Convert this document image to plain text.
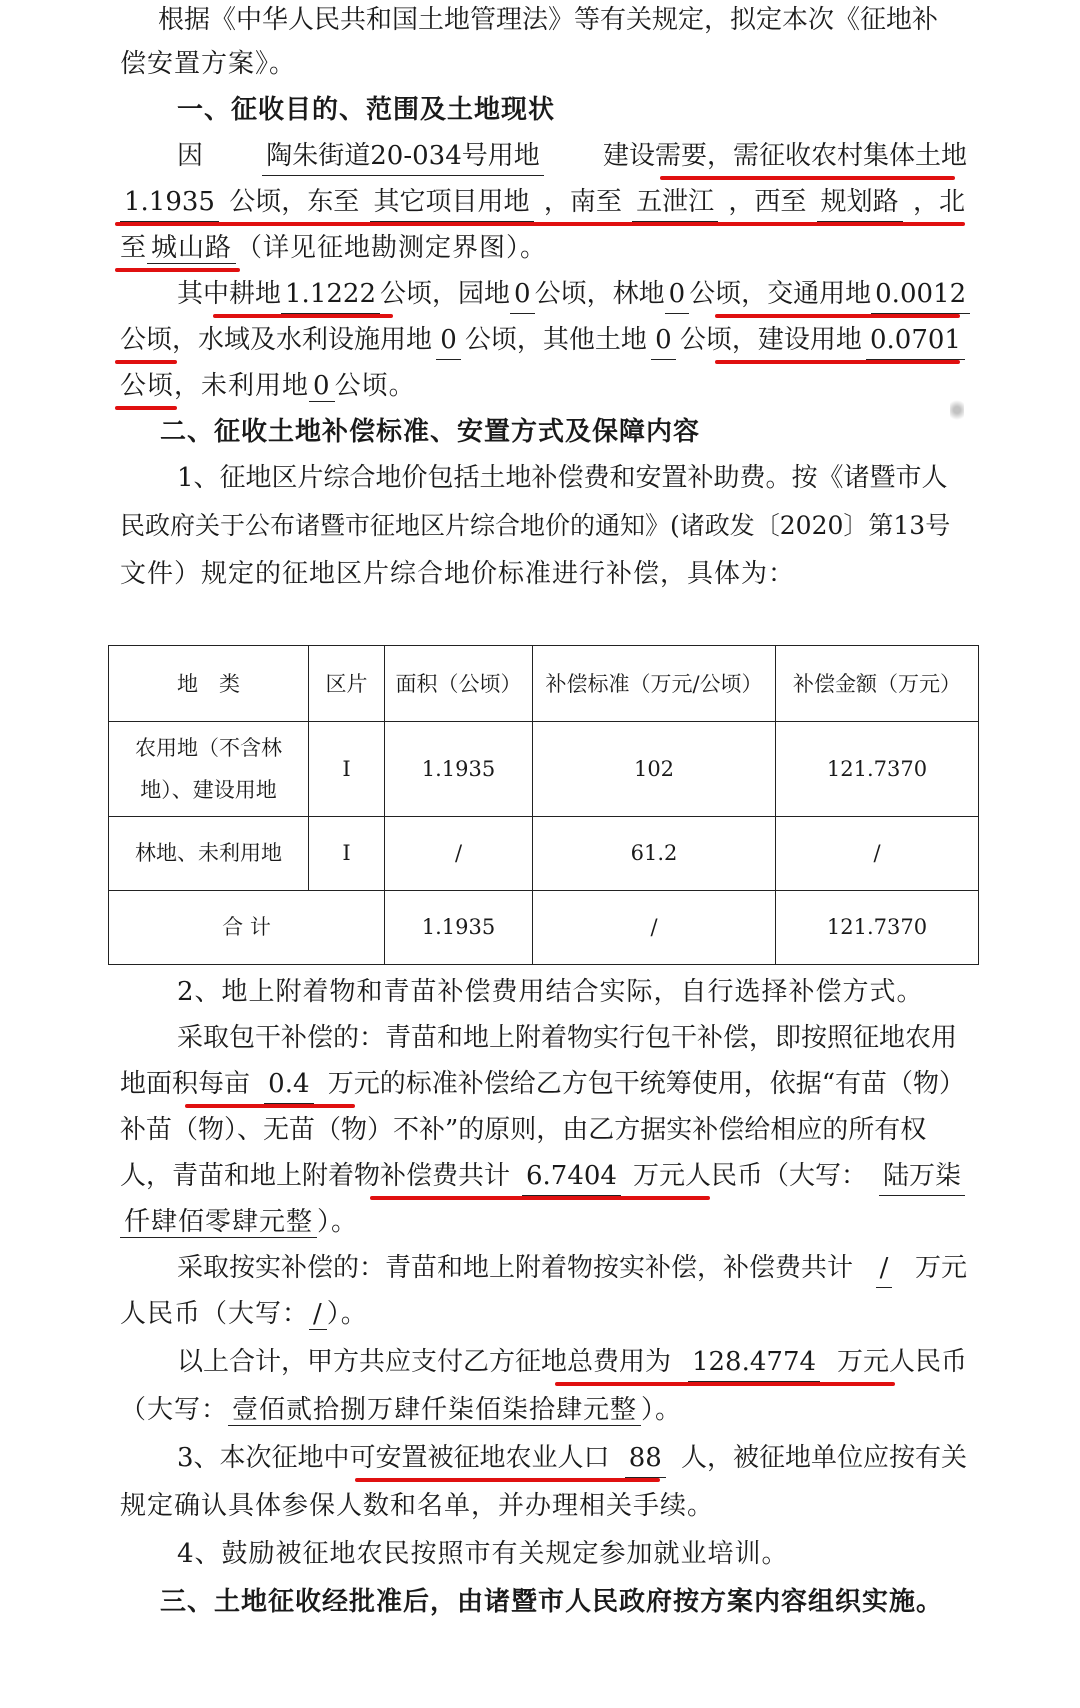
根据《中华人民共和国土地管理法》等有关规定，拟定本次《征地补
偿安置方案》。
一、征收目的、范围及土地现状
因 陶朱街道20-034号用地 建设需要，需征收农村集体土地
1.1935 公顷，东至 其它项目用地 ，南至 五泄江 ，西至 规划路 ，北
至 城山路 （详见征地勘测定界图）。
其中耕地 1.1222 公顷，园地 0 公顷，林地 0 公顷，交通用地 0.0012
公顷，水域及水利设施用地 0 公顷，其他土地 0 公顷，建设用地 0.0701
公顷，未利用地 0 公顷。
二、征收土地补偿标准、安置方式及保障内容
1、征地区片综合地价包括土地补偿费和安置补助费。按《诸暨市人
民政府关于公布诸暨市征地区片综合地价的通知》(诸政发〔2020〕第13号
文件）规定的征地区片综合地价标准进行补偿，具体为：
地　类	区片	面积（公顷）	补偿标准（万元/公顷）	补偿金额（万元）
农用地（不含林地）、建设用地	Ⅰ	1.1935	102	121.7370
林地、未利用地	Ⅰ	/	61.2	/
合 计		1.1935	/	121.7370
2、地上附着物和青苗补偿费用结合实际，自行选择补偿方式。
采取包干补偿的：青苗和地上附着物实行包干补偿，即按照征地农用
地面积每亩 0.4 万元的标准补偿给乙方包干统筹使用，依据“有苗（物）
补苗（物）、无苗（物）不补”的原则，由乙方据实补偿给相应的所有权
人，青苗和地上附着物补偿费共计 6.7404 万元人民币（大写： 陆万柒
仟肆佰零肆元整 ）。
采取按实补偿的：青苗和地上附着物按实补偿，补偿费共计 / 万元
人民币（大写： / ）。
以上合计，甲方共应支付乙方征地总费用为 128.4774 万元人民币
（大写： 壹佰贰拾捌万肆仟柒佰柒拾肆元整 ）。
3、本次征地中可安置被征地农业人口 88 人，被征地单位应按有关
规定确认具体参保人数和名单，并办理相关手续。
4、鼓励被征地农民按照市有关规定参加就业培训。
三、土地征收经批准后，由诸暨市人民政府按方案内容组织实施。
